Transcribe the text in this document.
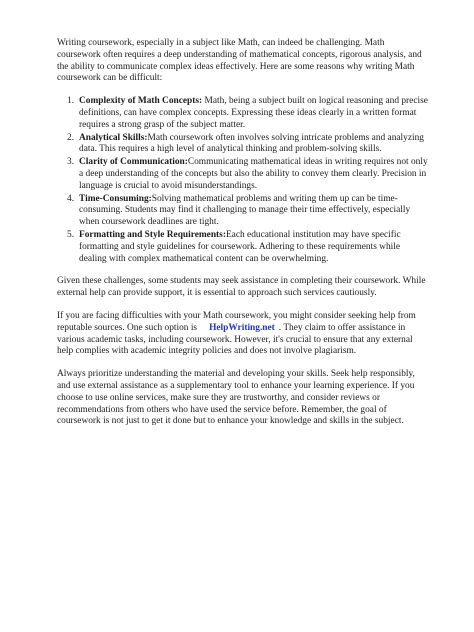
Writing coursework, especially in a subject like Math, can indeed be challenging. Math coursework often requires a deep understanding of mathematical concepts, rigorous analysis, and the ability to communicate complex ideas effectively. Here are some reasons why writing Math coursework can be difficult:

1. Complexity of Math Concepts: Math, being a subject built on logical reasoning and precise definitions, can have complex concepts. Expressing these ideas clearly in a written format requires a strong grasp of the subject matter.
2. Analytical Skills:Math coursework often involves solving intricate problems and analyzing data. This requires a high level of analytical thinking and problem-solving skills.
3. Clarity of Communication:Communicating mathematical ideas in writing requires not only a deep understanding of the concepts but also the ability to convey them clearly. Precision in language is crucial to avoid misunderstandings.
4. Time-Consuming:Solving mathematical problems and writing them up can be time-consuming. Students may find it challenging to manage their time effectively, especially when coursework deadlines are tight.
5. Formatting and Style Requirements:Each educational institution may have specific formatting and style guidelines for coursework. Adhering to these requirements while dealing with complex mathematical content can be overwhelming.

Given these challenges, some students may seek assistance in completing their coursework. While external help can provide support, it is essential to approach such services cautiously.

If you are facing difficulties with your Math coursework, you might consider seeking help from reputable sources. One such option is HelpWriting.net . They claim to offer assistance in various academic tasks, including coursework. However, it's crucial to ensure that any external help complies with academic integrity policies and does not involve plagiarism.

Always prioritize understanding the material and developing your skills. Seek help responsibly, and use external assistance as a supplementary tool to enhance your learning experience. If you choose to use online services, make sure they are trustworthy, and consider reviews or recommendations from others who have used the service before. Remember, the goal of coursework is not just to get it done but to enhance your knowledge and skills in the subject.
